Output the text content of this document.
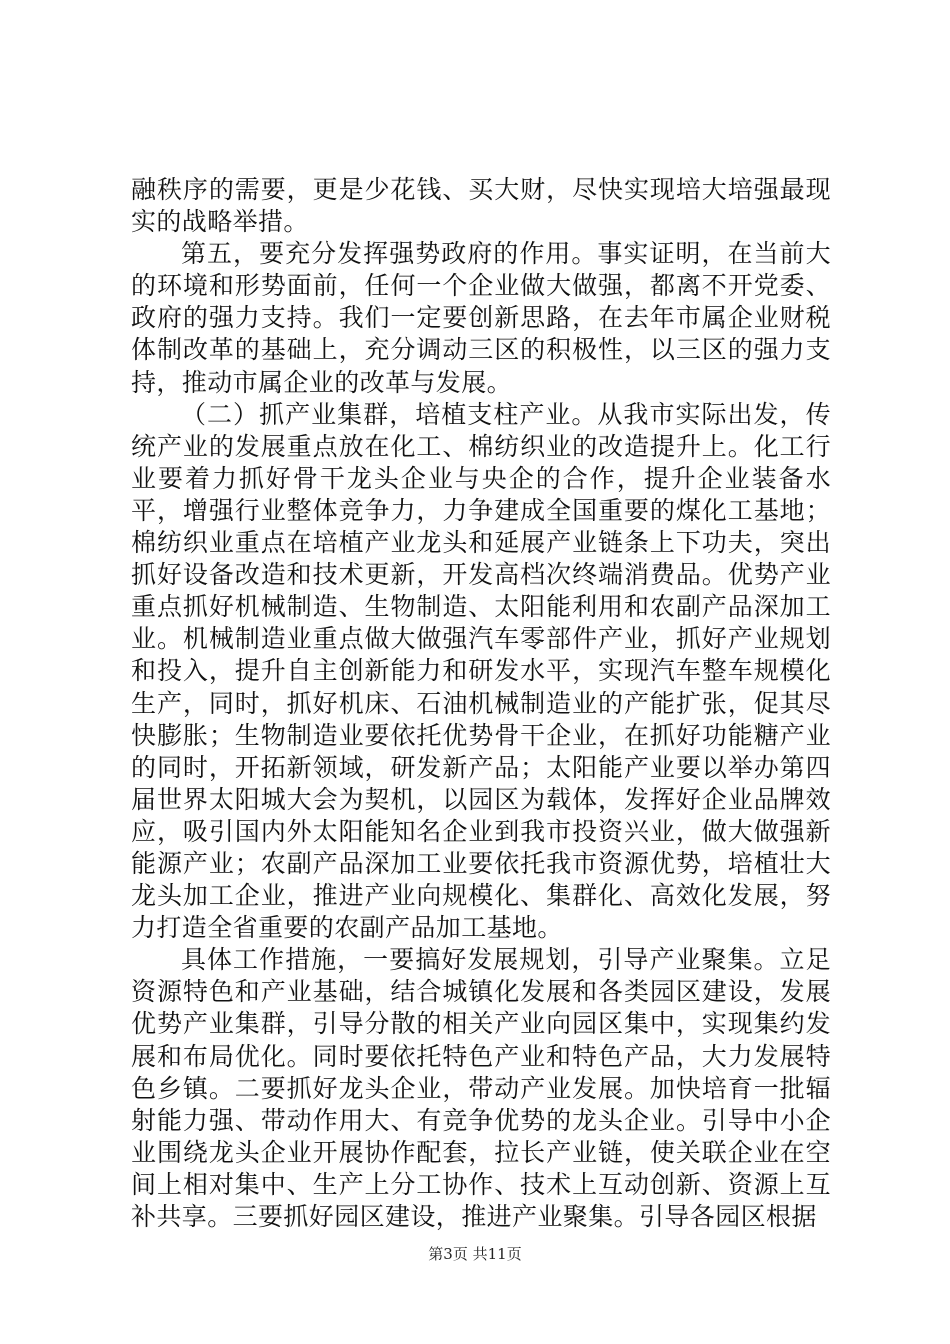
融秩序的需要，更是少花钱、买大财，尽快实现培大培强最现实的战略举措。

第五，要充分发挥强势政府的作用。事实证明，在当前大的环境和形势面前，任何一个企业做大做强，都离不开党委、政府的强力支持。我们一定要创新思路，在去年市属企业财税体制改革的基础上，充分调动三区的积极性，以三区的强力支持，推动市属企业的改革与发展。

（二）抓产业集群，培植支柱产业。从我市实际出发，传统产业的发展重点放在化工、棉纺织业的改造提升上。化工行业要着力抓好骨干龙头企业与央企的合作，提升企业装备水平，增强行业整体竞争力，力争建成全国重要的煤化工基地；棉纺织业重点在培植产业龙头和延展产业链条上下功夫，突出抓好设备改造和技术更新，开发高档次终端消费品。优势产业重点抓好机械制造、生物制造、太阳能利用和农副产品深加工业。机械制造业重点做大做强汽车零部件产业，抓好产业规划和投入，提升自主创新能力和研发水平，实现汽车整车规模化生产，同时，抓好机床、石油机械制造业的产能扩张，促其尽快膨胀；生物制造业要依托优势骨干企业，在抓好功能糖产业的同时，开拓新领域，研发新产品；太阳能产业要以举办第四届世界太阳城大会为契机，以园区为载体，发挥好企业品牌效应，吸引国内外太阳能知名企业到我市投资兴业，做大做强新能源产业；农副产品深加工业要依托我市资源优势，培植壮大龙头加工企业，推进产业向规模化、集群化、高效化发展，努力打造全省重要的农副产品加工基地。

具体工作措施，一要搞好发展规划，引导产业聚集。立足资源特色和产业基础，结合城镇化发展和各类园区建设，发展优势产业集群，引导分散的相关产业向园区集中，实现集约发展和布局优化。同时要依托特色产业和特色产品，大力发展特色乡镇。二要抓好龙头企业，带动产业发展。加快培育一批辐射能力强、带动作用大、有竞争优势的龙头企业。引导中小企业围绕龙头企业开展协作配套，拉长产业链，使关联企业在空间上相对集中、生产上分工协作、技术上互动创新、资源上互补共享。三要抓好园区建设，推进产业聚集。引导各园区根据

第3页 共11页
